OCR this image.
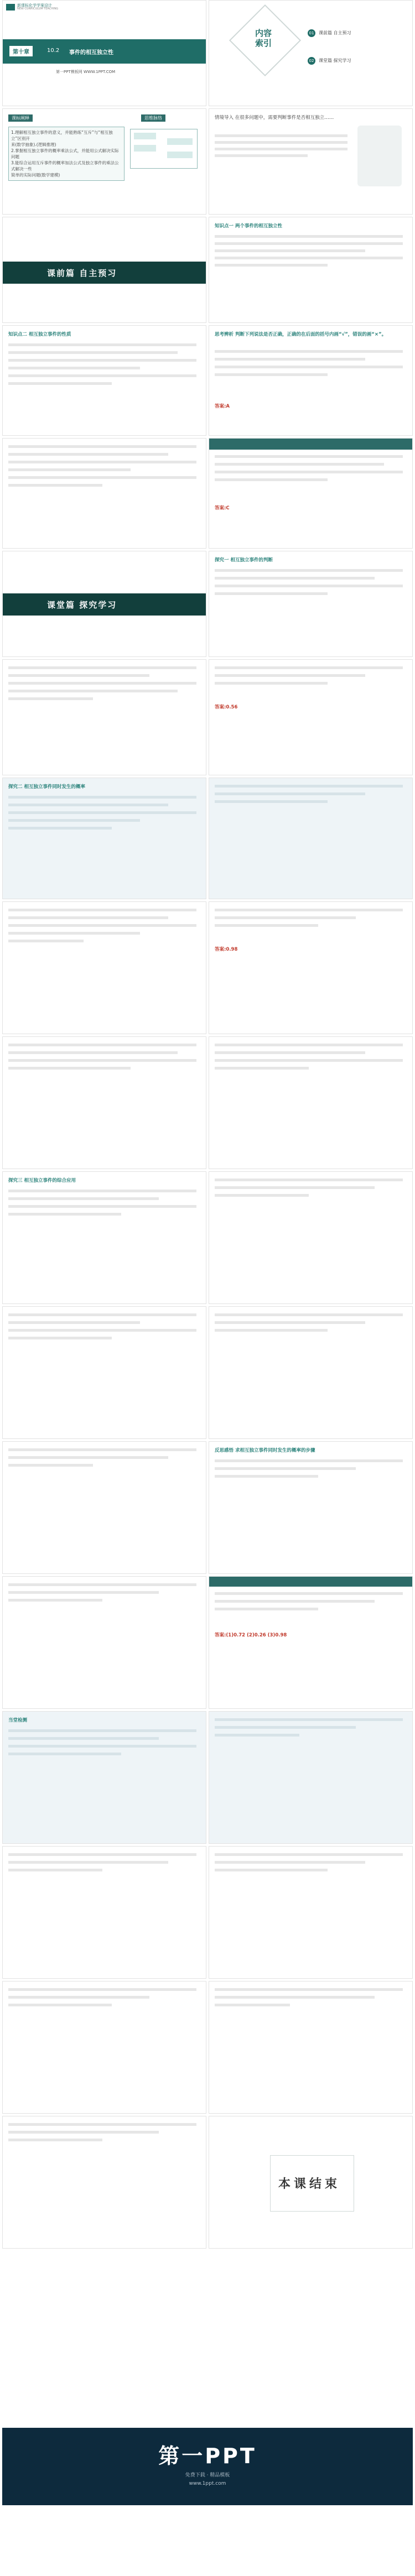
新课标化学学案设计
NEW CURRICULUM TEACHING
第十章	10.2 事件的相互独立性
第一PPT模板网 WWW.1PPT.COM
内容索引
01	课前篇 自主预习
02	课堂篇 探究学习
课标阐释
1.理解相互独立事件的意义，并能熟练“互斥”与“相互独立”区别开
来(数学抽象).(逻辑推理)
2.掌握相互独立事件的概率乘法公式，并能用公式解决实际问题
3.能综合运用互斥事件的概率加法公式及独立事件的乘法公式解决一些
简单的实际问题(数学建模)
思维脉络	情境导入 在很多问题中，需要判断事件是否相互独立……
课前篇 自主预习
知识点一 两个事件的相互独立性
知识点二 相互独立事件的性质	思考辨析 判断下列说法是否正确，正确的在后面的括号内画“√”，错误的画“×”。
答案:A
答案:C
课堂篇 探究学习
探究一 相互独立事件的判断
答案:0.56
探究二 相互独立事件同时发生的概率
答案:0.98
探究三 相互独立事件的综合应用
反思感悟 求相互独立事件同时发生的概率的步骤
答案:(1)0.72 (2)0.26 (3)0.98
当堂检测
本课结束
第一PPT
免费下载 · 精品模板
www.1ppt.com
